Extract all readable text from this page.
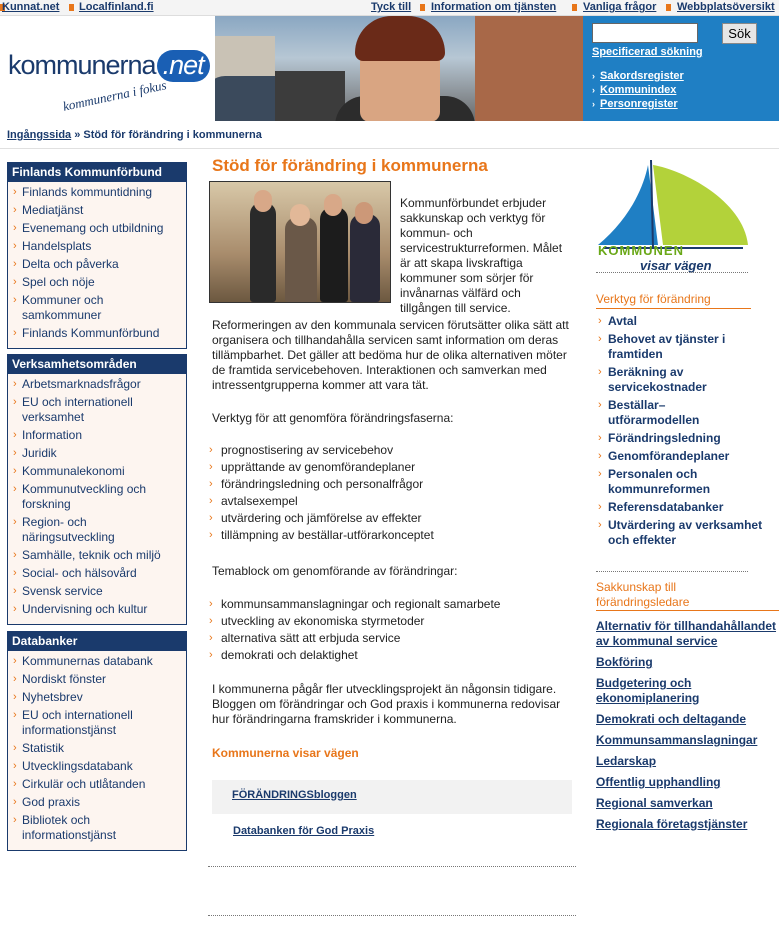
Kunnat.net Localfinland.fi	Tyck till Information om tjänsten Vanliga frågor Webbplatsöversikt
kommunerna .net
kommunerna i fokus
Sök
Specificerad sökning
› Sakordsregister
› Kommunindex
› Personregister
Ingångssida » Stöd för förändring i kommunerna
Finlands Kommunförbund
› Finlands kommuntidning
› Mediatjänst
› Evenemang och utbildning
› Handelsplats
› Delta och påverka
› Spel och nöje
› Kommuner och samkommuner
› Finlands Kommunförbund
Verksamhetsområden
› Arbetsmarknadsfrågor
› EU och internationell verksamhet
› Information
› Juridik
› Kommunalekonomi
› Kommunutveckling och forskning
› Region- och näringsutveckling
› Samhälle, teknik och miljö
› Social- och hälsovård
› Svensk service
› Undervisning och kultur
Databanker
› Kommunernas databank
› Nordiskt fönster
› Nyhetsbrev
› EU och internationell informationstjänst
› Statistik
› Utvecklingsdatabank
› Cirkulär och utlåtanden
› God praxis
› Bibliotek och informationstjänst
Stöd för förändring i kommunerna

Kommunförbundet erbjuder sakkunskap och verktyg för kommun- och servicestrukturreformen. Målet är att skapa livskraftiga kommuner som sörjer för invånarnas välfärd och tillgången till service.

Reformeringen av den kommunala servicen förutsätter olika sätt att organisera och tillhandahålla servicen samt information om deras tillämpbarhet. Det gäller att bedöma hur de olika alternativen möter de framtida servicebehoven. Interaktionen och samverkan med intressentgrupperna kommer att vara tät.

Verktyg för att genomföra förändringsfaserna:

› prognostisering av servicebehov
› upprättande av genomförandeplaner
› förändringsledning och personalfrågor
› avtalsexempel
› utvärdering och jämförelse av effekter
› tillämpning av beställar-utförarkonceptet

Temablock om genomförande av förändringar:

› kommunsammanslagningar och regionalt samarbete
› utveckling av ekonomiska styrmetoder
› alternativa sätt att erbjuda service
› demokrati och delaktighet

I kommunerna pågår fler utvecklingsprojekt än någonsin tidigare. Bloggen om förändringar och God praxis i kommunerna redovisar hur förändringarna framskrider i kommunerna.

Kommunerna visar vägen
FÖRÄNDRINGSbloggen
Databanken för God Praxis
KOMMUNEN
visar vägen
Verktyg för förändring
› Avtal
› Behovet av tjänster i framtiden
› Beräkning av servicekostnader
› Beställar–utförarmodellen
› Förändringsledning
› Genomförandeplaner
› Personalen och kommunreformen
› Referensdatabanker
› Utvärdering av verksamhet och effekter
Sakkunskap till förändringsledare
Alternativ för tillhandahållandet av kommunal service
Bokföring
Budgetering och ekonomiplanering
Demokrati och deltagande
Kommunsammanslagningar
Ledarskap
Offentlig upphandling
Regional samverkan
Regionala företagstjänster
